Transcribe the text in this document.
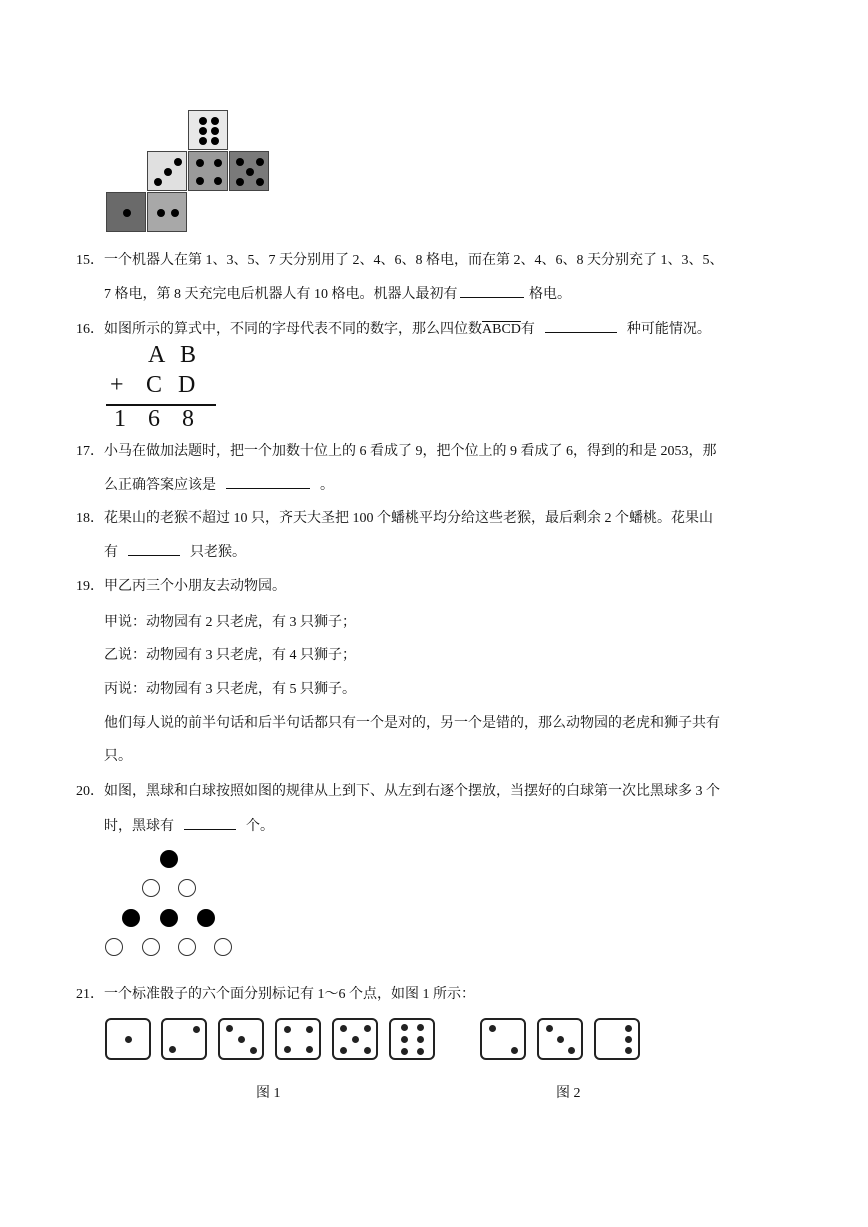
15．一个机器人在第 1、3、5、7 天分别用了 2、4、6、8 格电，而在第 2、4、6、8 天分别充了 1、3、5、
7 格电，第 8 天充完电后机器人有 10 格电。机器人最初有	格电。
16．如图所示的算式中，不同的字母代表不同的数字，那么四位数ABCD有	种可能情况。
A B
+ C D
1 6 8
17．小马在做加法题时，把一个加数十位上的 6 看成了 9，把个位上的 9 看成了 6，得到的和是 2053，那
么正确答案应该是	。
18．花果山的老猴不超过 10 只，齐天大圣把 100 个蟠桃平均分给这些老猴，最后剩余 2 个蟠桃。花果山
有	只老猴。
19．甲乙丙三个小朋友去动物园。
甲说：动物园有 2 只老虎，有 3 只狮子；
乙说：动物园有 3 只老虎，有 4 只狮子；
丙说：动物园有 3 只老虎，有 5 只狮子。
他们每人说的前半句话和后半句话都只有一个是对的，另一个是错的，那么动物园的老虎和狮子共有
只。
20．如图，黑球和白球按照如图的规律从上到下、从左到右逐个摆放，当摆好的白球第一次比黑球多 3 个
时，黑球有	个。
21．一个标准骰子的六个面分别标记有 1～6 个点，如图 1 所示：
图 1	图 2
